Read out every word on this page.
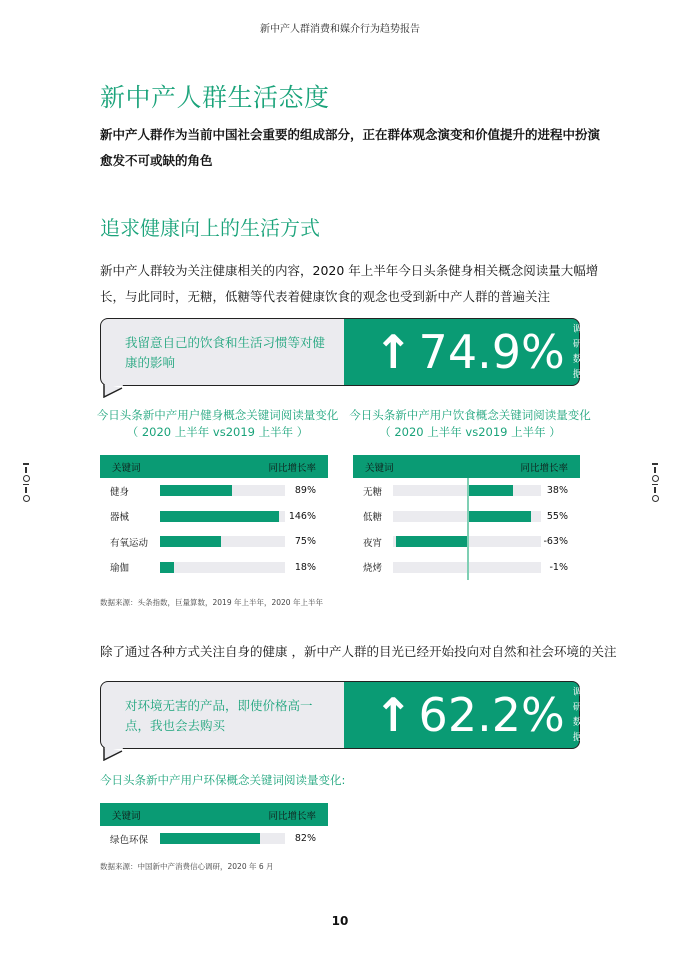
新中产人群消费和媒介行为趋势报告
新中产人群生活态度
新中产人群作为当前中国社会重要的组成部分，正在群体观念演变和价值提升的进程中扮演愈发不可或缺的角色
追求健康向上的生活方式
新中产人群较为关注健康相关的内容，2020 年上半年今日头条健身相关概念阅读量大幅增长，与此同时，无糖，低糖等代表着健康饮食的观念也受到新中产人群的普遍关注
我留意自己的饮食和生活习惯等对健康的影响	↑ 74.9% 调研数据
今日头条新中产用户健身概念关键词阅读量变化
（ 2020 上半年 vs2019 上半年 ）
今日头条新中产用户饮食概念关键词阅读量变化
（ 2020 上半年 vs2019 上半年 ）
关键词	同比增长率
健身	89%
器械	146%
有氧运动	75%
瑜伽	18%
关键词	同比增长率
无糖	38%
低糖	55%
夜宵	-63%
烧烤	-1%
数据来源：头条指数，巨量算数，2019 年上半年，2020 年上半年
除了通过各种方式关注自身的健康 ，新中产人群的目光已经开始投向对自然和社会环境的关注
对环境无害的产品，即使价格高一点，我也会去购买	↑ 62.2% 调研数据
今日头条新中产用户环保概念关键词阅读量变化:
关键词	同比增长率
绿色环保	82%
数据来源：中国新中产消费信心调研，2020 年 6 月
10
